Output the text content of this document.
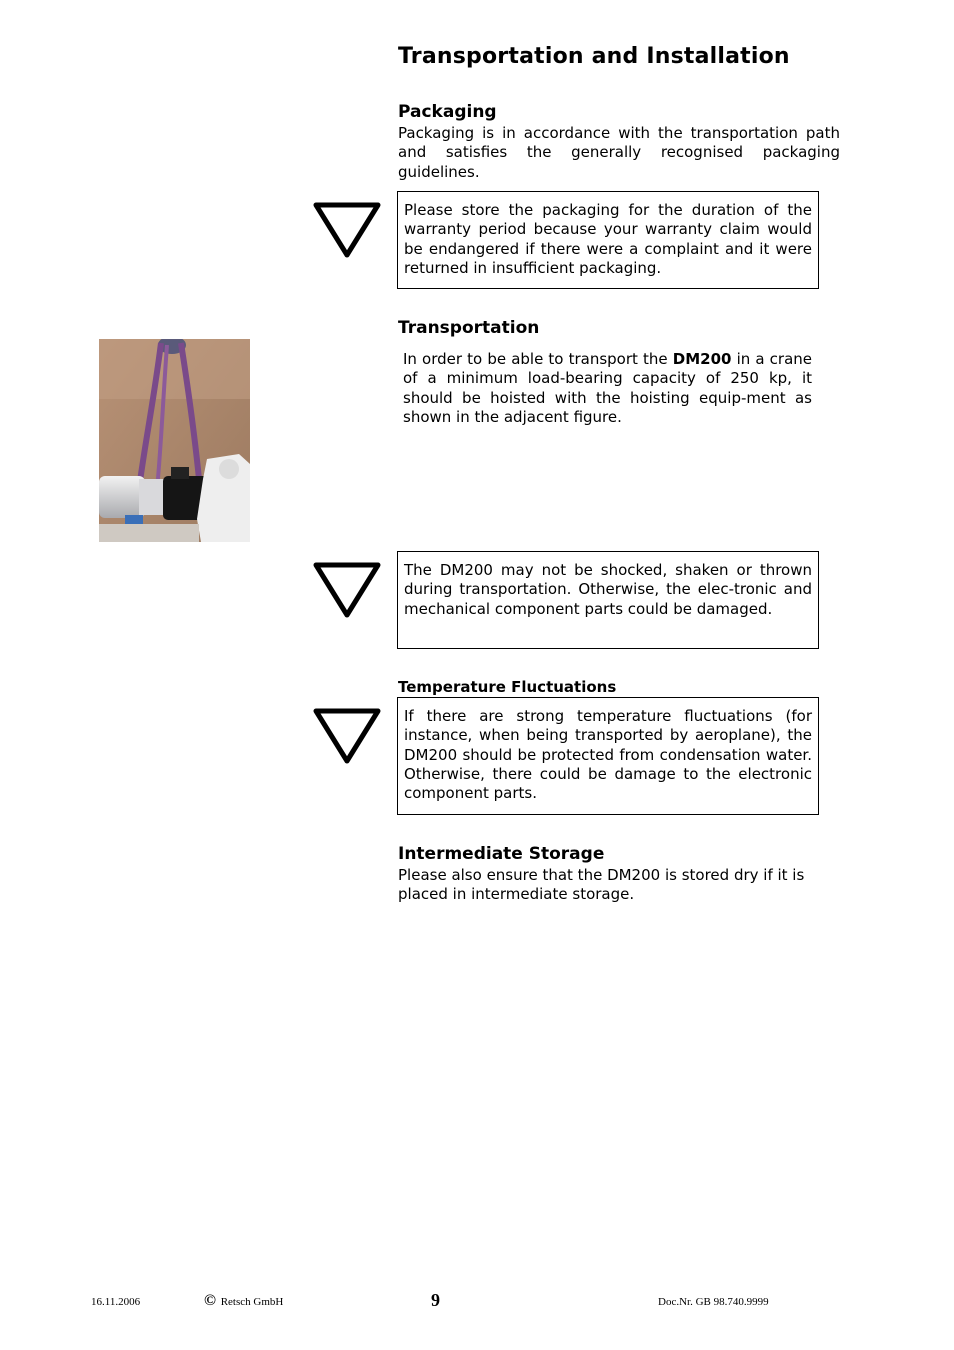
Transportation and Installation
Packaging
Packaging is in accordance with the transportation path and satisfies the generally recognised packaging guidelines.
Please store the packaging for the duration of the warranty period because your warranty claim would be endangered if there were a complaint and it were returned in insufficient packaging.
Transportation
In order to be able to transport the DM200 in a crane of a minimum load-bearing capacity of 250 kp, it should be hoisted with the hoisting equip-ment as shown in the adjacent figure.
The DM200 may not be shocked, shaken or thrown during transportation. Otherwise, the elec-tronic and mechanical component parts could be damaged.
Temperature Fluctuations
If there are strong temperature fluctuations (for instance, when being transported by aeroplane), the DM200 should be protected from condensation water. Otherwise, there could be damage to the electronic component parts.
Intermediate Storage
Please also ensure that the DM200 is stored dry if it is placed in intermediate storage.
16.11.2006	© Retsch GmbH	9	Doc.Nr. GB 98.740.9999
